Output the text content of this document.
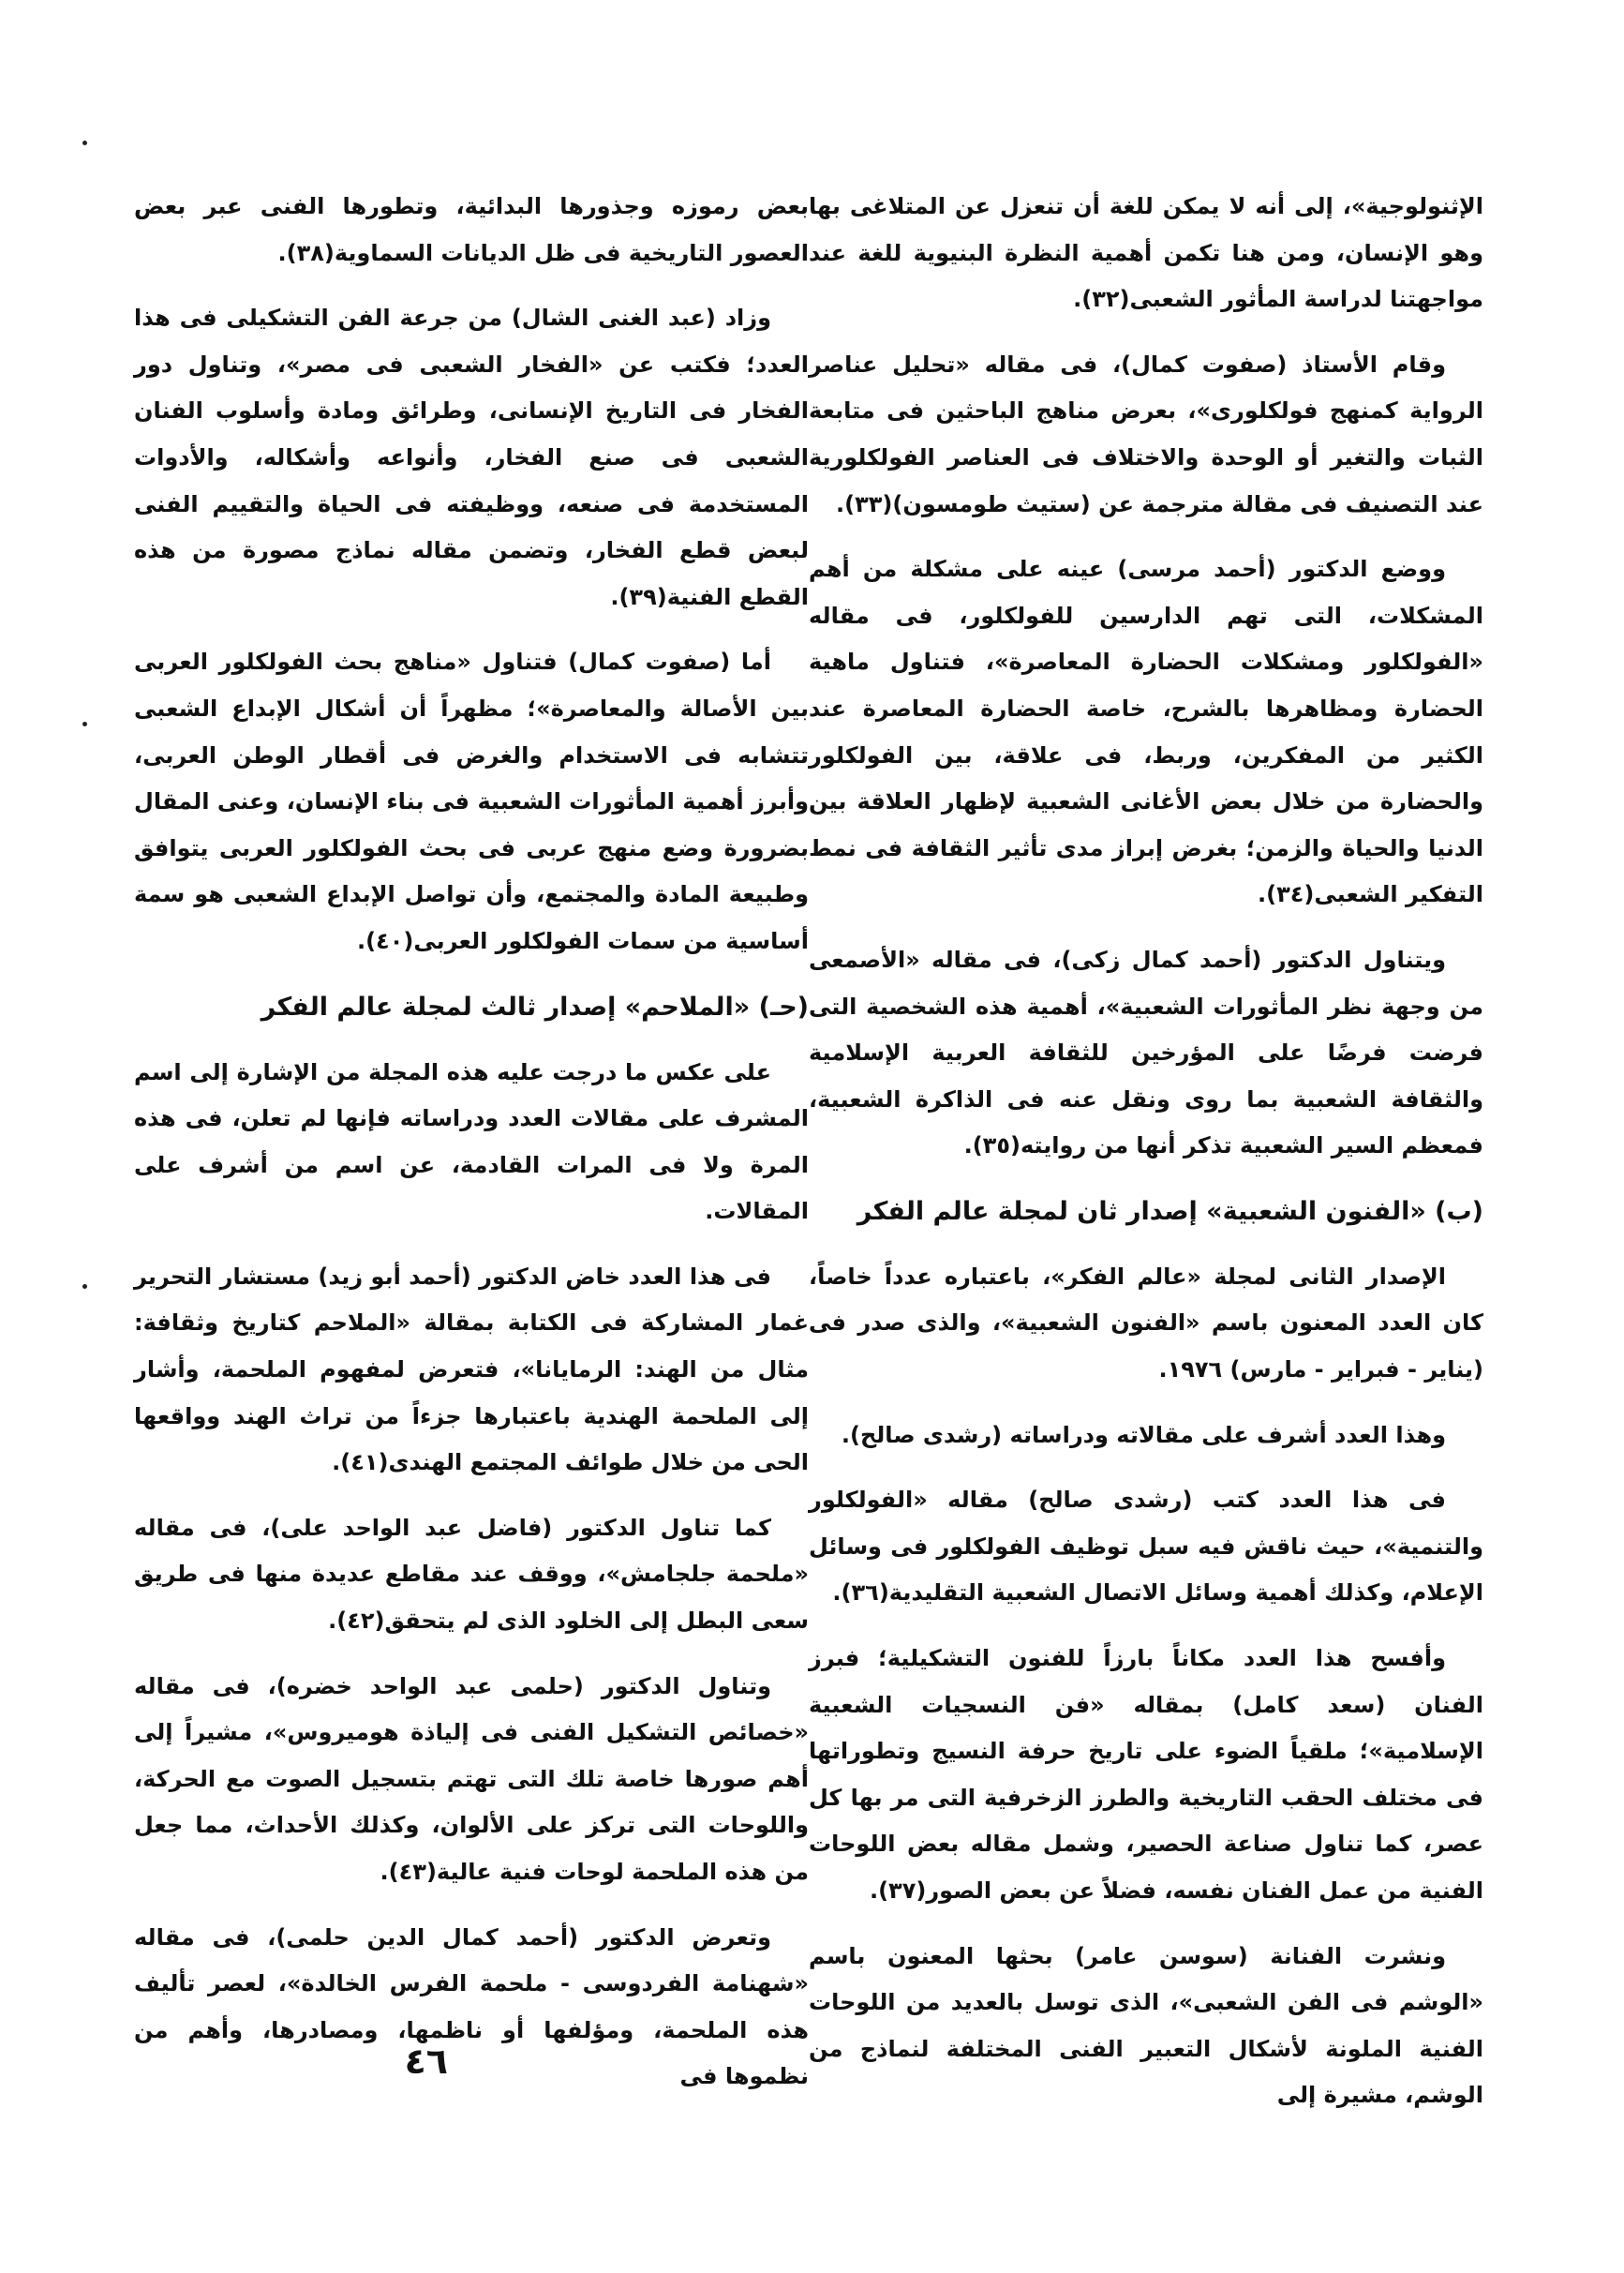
الإثنولوجية»، إلى أنه لا يمكن للغة أن تنعزل عن المتلاغى بها وهو الإنسان، ومن هنا تكمن أهمية النظرة البنيوية للغة عند مواجهتنا لدراسة المأثور الشعبى(٣٢).

وقام الأستاذ (صفوت كمال)، فى مقاله «تحليل عناصر الرواية كمنهج فولكلورى»، بعرض مناهج الباحثين فى متابعة الثبات والتغير أو الوحدة والاختلاف فى العناصر الفولكلورية عند التصنيف فى مقالة مترجمة عن (ستيث طومسون)(٣٣).

ووضع الدكتور (أحمد مرسى) عينه على مشكلة من أهم المشكلات، التى تهم الدارسين للفولكلور، فى مقاله «الفولكلور ومشكلات الحضارة المعاصرة»، فتناول ماهية الحضارة ومظاهرها بالشرح، خاصة الحضارة المعاصرة عند الكثير من المفكرين، وربط، فى علاقة، بين الفولكلور والحضارة من خلال بعض الأغانى الشعبية لإظهار العلاقة بين الدنيا والحياة والزمن؛ بغرض إبراز مدى تأثير الثقافة فى نمط التفكير الشعبى(٣٤).

ويتناول الدكتور (أحمد كمال زكى)، فى مقاله «الأصمعى من وجهة نظر المأثورات الشعبية»، أهمية هذه الشخصية التى فرضت فرضًا على المؤرخين للثقافة العربية الإسلامية والثقافة الشعبية بما روى ونقل عنه فى الذاكرة الشعبية، فمعظم السير الشعبية تذكر أنها من روايته(٣٥).

(ب) «الفنون الشعبية» إصدار ثان لمجلة عالم الفكر

الإصدار الثانى لمجلة «عالم الفكر»، باعتباره عدداً خاصاً، كان العدد المعنون باسم «الفنون الشعبية»، والذى صدر فى (يناير - فبراير - مارس) ١٩٧٦.

وهذا العدد أشرف على مقالاته ودراساته (رشدى صالح).

فى هذا العدد كتب (رشدى صالح) مقاله «الفولكلور والتنمية»، حيث ناقش فيه سبل توظيف الفولكلور فى وسائل الإعلام، وكذلك أهمية وسائل الاتصال الشعبية التقليدية(٣٦).

وأفسح هذا العدد مكاناً بارزاً للفنون التشكيلية؛ فبرز الفنان (سعد كامل) بمقاله «فن النسجيات الشعبية الإسلامية»؛ ملقياً الضوء على تاريخ حرفة النسيج وتطوراتها فى مختلف الحقب التاريخية والطرز الزخرفية التى مر بها كل عصر، كما تناول صناعة الحصير، وشمل مقاله بعض اللوحات الفنية من عمل الفنان نفسه، فضلاً عن بعض الصور(٣٧).

ونشرت الفنانة (سوسن عامر) بحثها المعنون باسم «الوشم فى الفن الشعبى»، الذى توسل بالعديد من اللوحات الفنية الملونة لأشكال التعبير الفنى المختلفة لنماذج من الوشم، مشيرة إلى

بعض رموزه وجذورها البدائية، وتطورها الفنى عبر بعض العصور التاريخية فى ظل الديانات السماوية(٣٨).

وزاد (عبد الغنى الشال) من جرعة الفن التشكيلى فى هذا العدد؛ فكتب عن «الفخار الشعبى فى مصر»، وتناول دور الفخار فى التاريخ الإنسانى، وطرائق ومادة وأسلوب الفنان الشعبى فى صنع الفخار، وأنواعه وأشكاله، والأدوات المستخدمة فى صنعه، ووظيفته فى الحياة والتقييم الفنى لبعض قطع الفخار، وتضمن مقاله نماذج مصورة من هذه القطع الفنية(٣٩).

أما (صفوت كمال) فتناول «مناهج بحث الفولكلور العربى بين الأصالة والمعاصرة»؛ مظهراً أن أشكال الإبداع الشعبى تتشابه فى الاستخدام والغرض فى أقطار الوطن العربى، وأبرز أهمية المأثورات الشعبية فى بناء الإنسان، وعنى المقال بضرورة وضع منهج عربى فى بحث الفولكلور العربى يتوافق وطبيعة المادة والمجتمع، وأن تواصل الإبداع الشعبى هو سمة أساسية من سمات الفولكلور العربى(٤٠).

(حـ) «الملاحم» إصدار ثالث لمجلة عالم الفكر

على عكس ما درجت عليه هذه المجلة من الإشارة إلى اسم المشرف على مقالات العدد ودراساته فإنها لم تعلن، فى هذه المرة ولا فى المرات القادمة، عن اسم من أشرف على المقالات.

فى هذا العدد خاض الدكتور (أحمد أبو زيد) مستشار التحرير غمار المشاركة فى الكتابة بمقالة «الملاحم كتاريخ وثقافة: مثال من الهند: الرمايانا»، فتعرض لمفهوم الملحمة، وأشار إلى الملحمة الهندية باعتبارها جزءاً من تراث الهند وواقعها الحى من خلال طوائف المجتمع الهندى(٤١).

كما تناول الدكتور (فاضل عبد الواحد على)، فى مقاله «ملحمة جلجامش»، ووقف عند مقاطع عديدة منها فى طريق سعى البطل إلى الخلود الذى لم يتحقق(٤٢).

وتناول الدكتور (حلمى عبد الواحد خضره)، فى مقاله «خصائص التشكيل الفنى فى إلياذة هوميروس»، مشيراً إلى أهم صورها خاصة تلك التى تهتم بتسجيل الصوت مع الحركة، واللوحات التى تركز على الألوان، وكذلك الأحداث، مما جعل من هذه الملحمة لوحات فنية عالية(٤٣).

وتعرض الدكتور (أحمد كمال الدين حلمى)، فى مقاله «شهنامة الفردوسى - ملحمة الفرس الخالدة»، لعصر تأليف هذه الملحمة، ومؤلفها أو ناظمها، ومصادرها، وأهم من نظموها فى

٤٦
